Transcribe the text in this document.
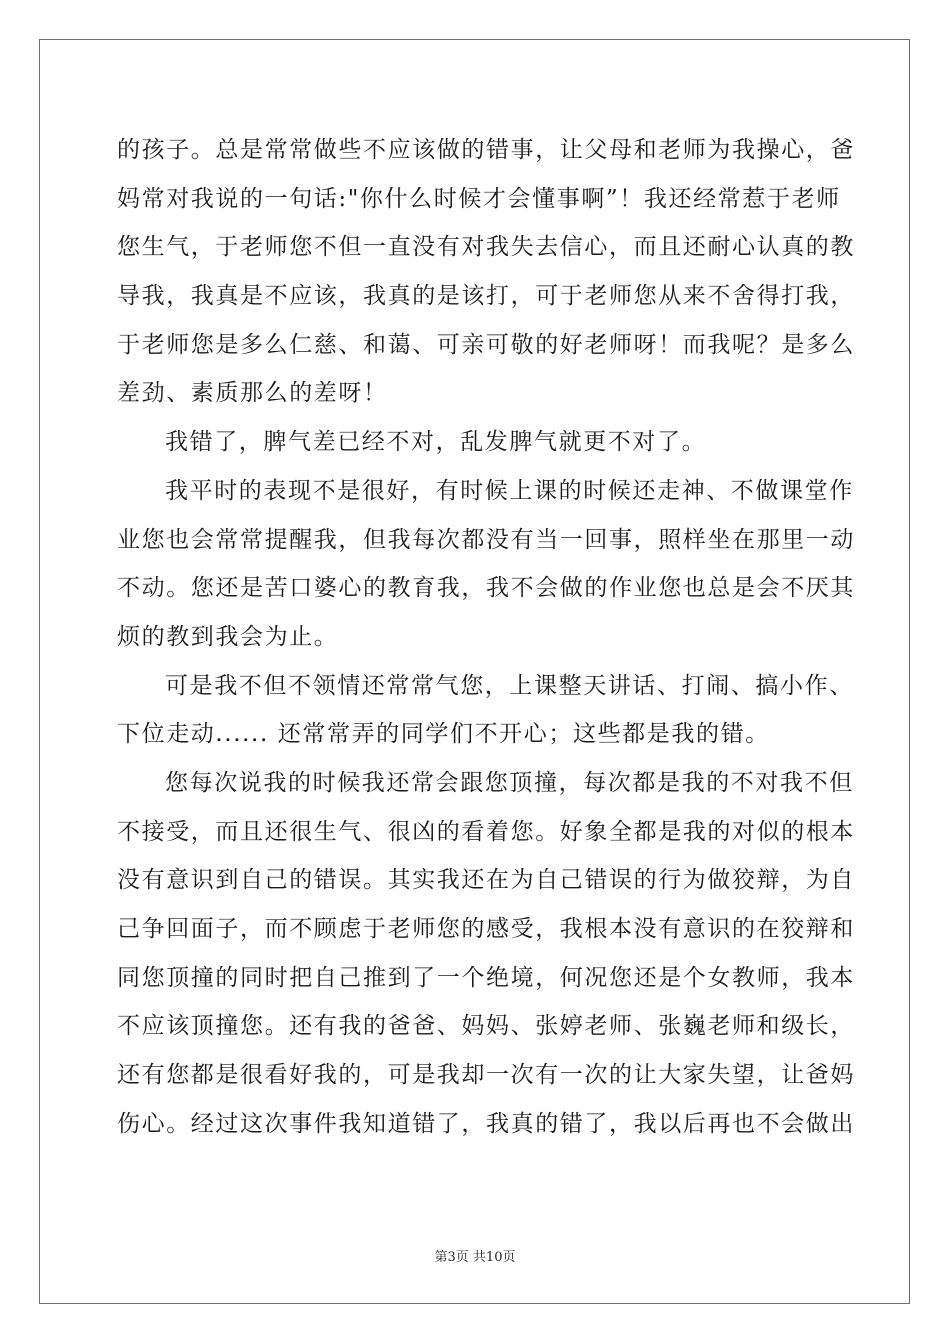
的孩子。总是常常做些不应该做的错事，让父母和老师为我操心，爸
妈常对我说的一句话:"你什么时候才会懂事啊”！我还经常惹于老师
您生气，于老师您不但一直没有对我失去信心，而且还耐心认真的教
导我，我真是不应该，我真的是该打，可于老师您从来不舍得打我，
于老师您是多么仁慈、和蔼、可亲可敬的好老师呀！而我呢？是多么
差劲、素质那么的差呀！
我错了，脾气差已经不对，乱发脾气就更不对了。
我平时的表现不是很好，有时候上课的时候还走神、不做课堂作
业您也会常常提醒我，但我每次都没有当一回事，照样坐在那里一动
不动。您还是苦口婆心的教育我，我不会做的作业您也总是会不厌其
烦的教到我会为止。
可是我不但不领情还常常气您，上课整天讲话、打闹、搞小作、
下位走动...... 还常常弄的同学们不开心；这些都是我的错。
您每次说我的时候我还常会跟您顶撞，每次都是我的不对我不但
不接受，而且还很生气、很凶的看着您。好象全都是我的对似的根本
没有意识到自己的错误。其实我还在为自己错误的行为做狡辩，为自
己争回面子，而不顾虑于老师您的感受，我根本没有意识的在狡辩和
同您顶撞的同时把自己推到了一个绝境，何况您还是个女教师，我本
不应该顶撞您。还有我的爸爸、妈妈、张婷老师、张巍老师和级长，
还有您都是很看好我的，可是我却一次有一次的让大家失望，让爸妈
伤心。经过这次事件我知道错了，我真的错了，我以后再也不会做出
第3页 共10页
